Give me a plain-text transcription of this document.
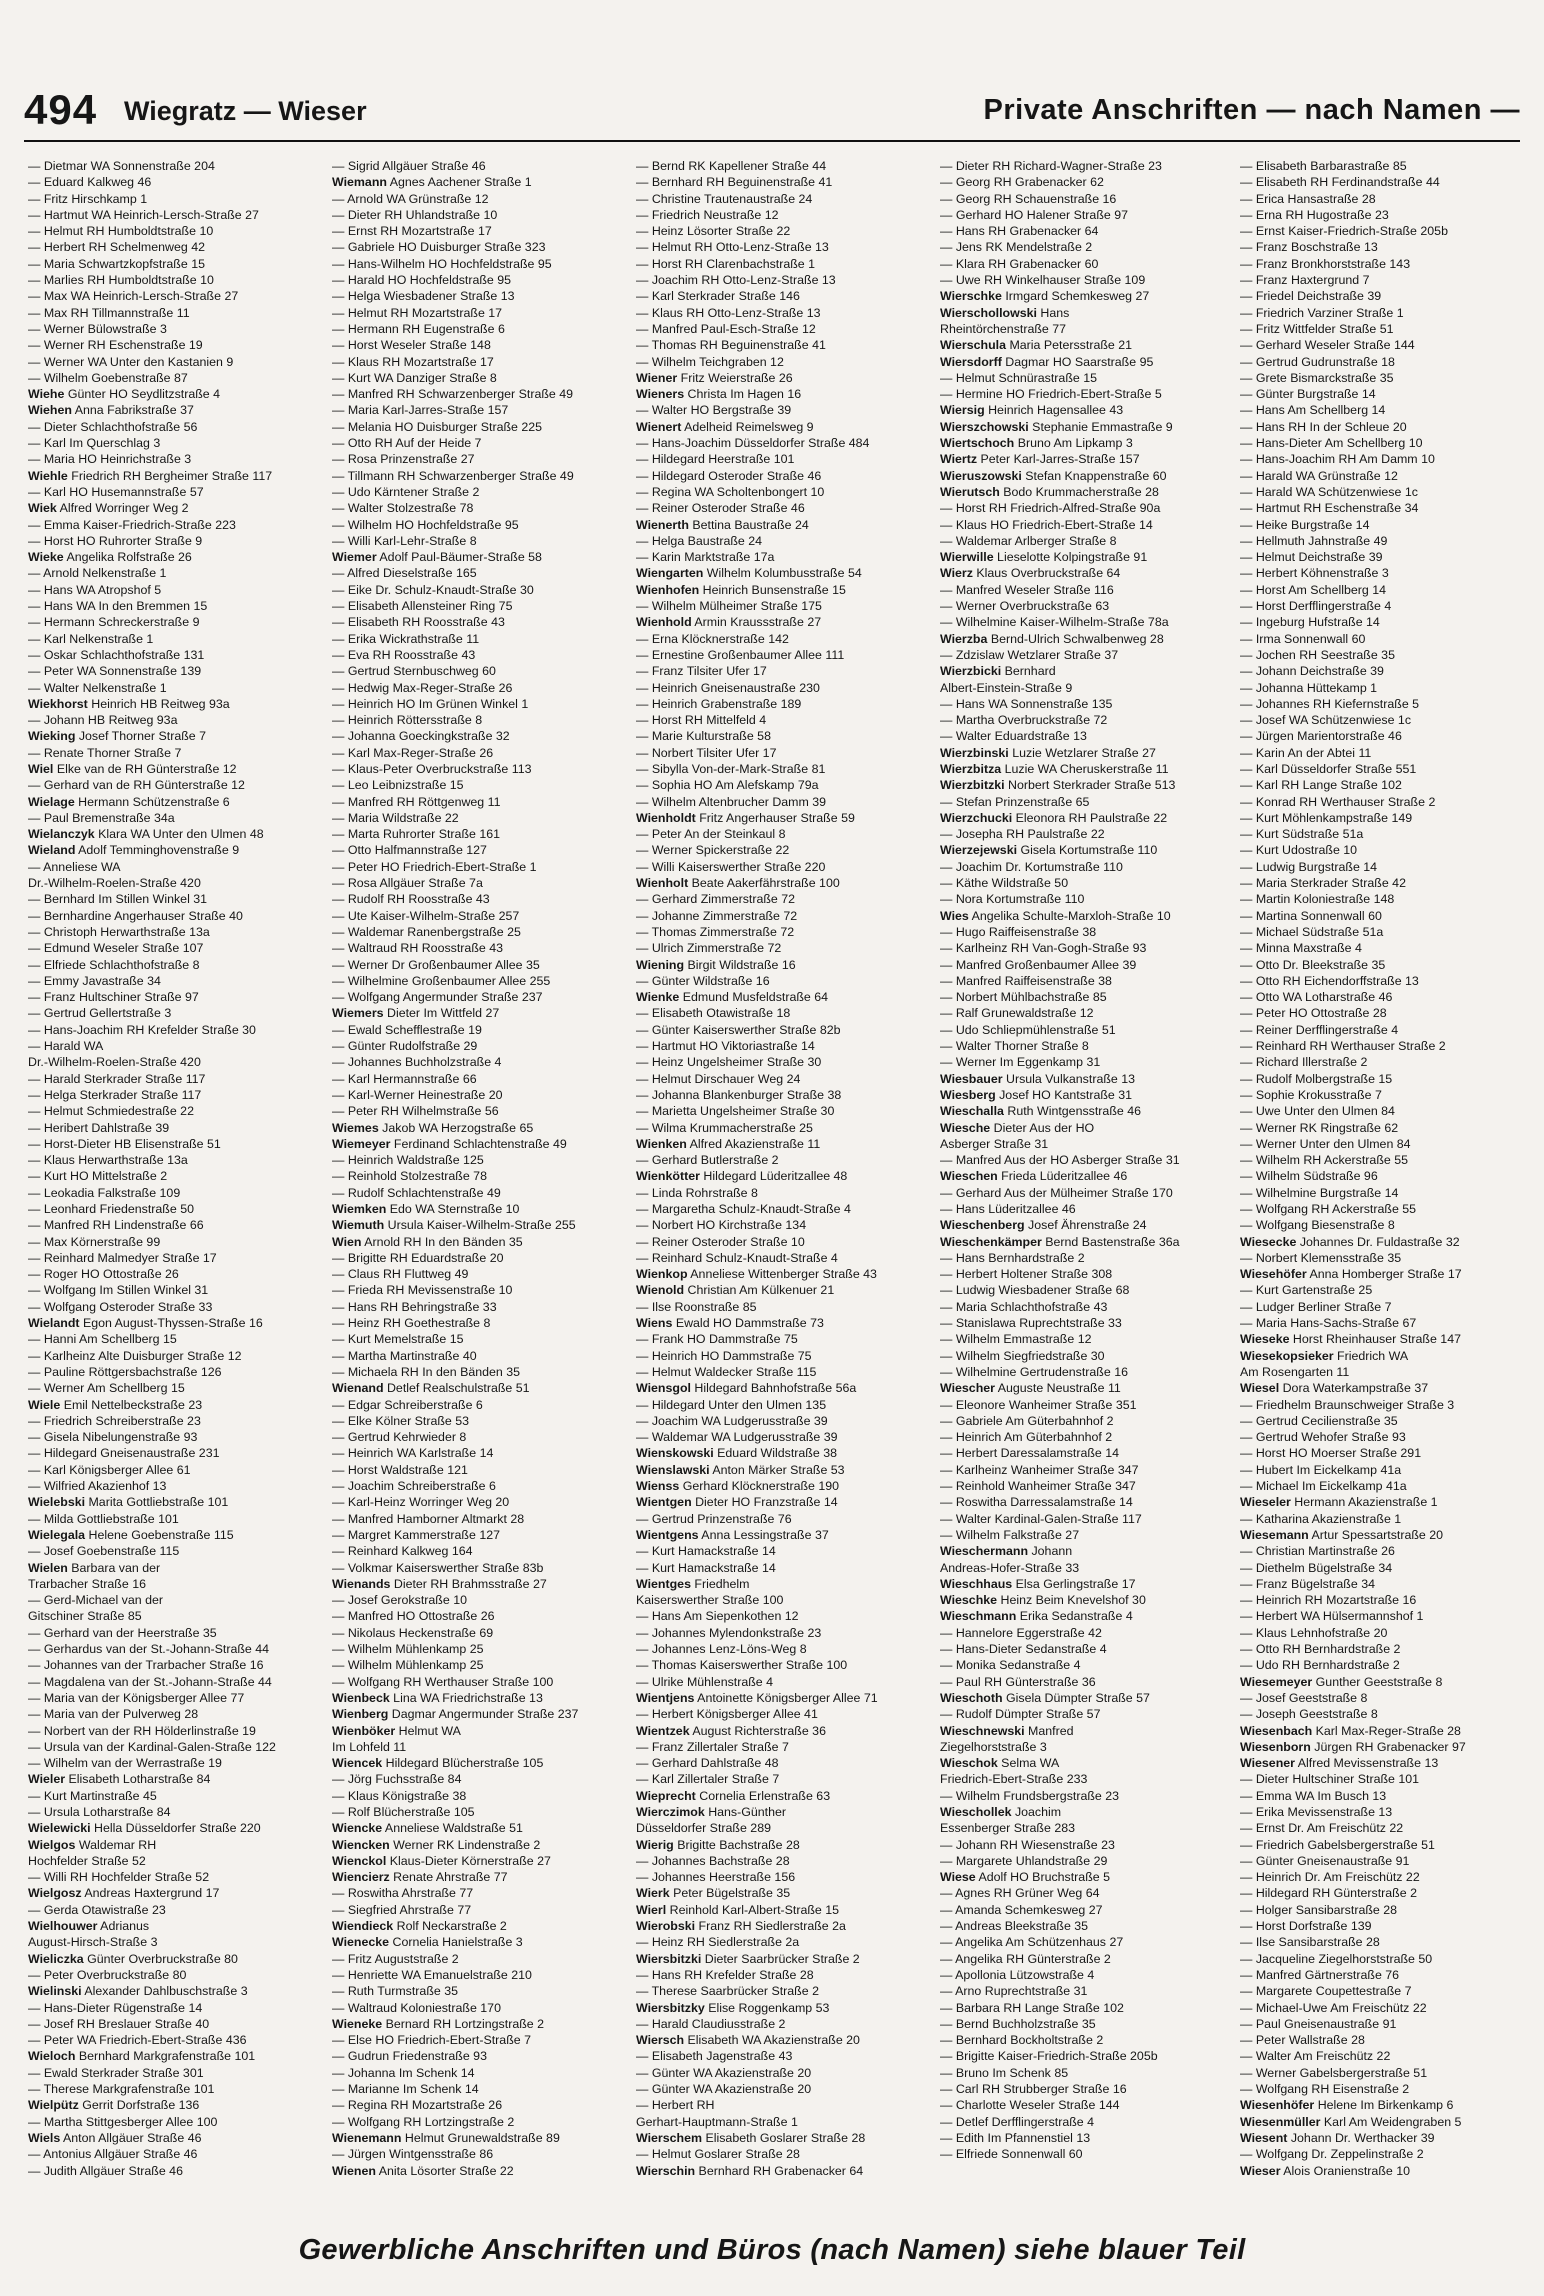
494 Wiegratz — Wieser	Private Anschriften — nach Namen —
— Dietmar WA Sonnenstraße 204
— Eduard Kalkweg 46
— Fritz Hirschkamp 1
— Hartmut WA Heinrich-Lersch-Straße 27
— Helmut RH Humboldtstraße 10
— Herbert RH Schelmenweg 42
— Maria Schwartzkopfstraße 15
— Marlies RH Humboldtstraße 10
— Max WA Heinrich-Lersch-Straße 27
— Max RH Tillmannstraße 11
— Werner Bülowstraße 3
— Werner RH Eschenstraße 19
— Werner WA Unter den Kastanien 9
— Wilhelm Goebenstraße 87
Wiehe Günter HO Seydlitzstraße 4
Wiehen Anna Fabrikstraße 37
— Dieter Schlachthofstraße 56
— Karl Im Querschlag 3
— Maria HO Heinrichstraße 3
Wiehle Friedrich RH Bergheimer Straße 117
— Karl HO Husemannstraße 57
Wiek Alfred Worringer Weg 2
— Emma Kaiser-Friedrich-Straße 223
— Horst HO Ruhrorter Straße 9
Wieke Angelika Rolfstraße 26
— Arnold Nelkenstraße 1
— Hans WA Atropshof 5
— Hans WA In den Bremmen 15
— Hermann Schreckerstraße 9
— Karl Nelkenstraße 1
— Oskar Schlachthofstraße 131
— Peter WA Sonnenstraße 139
— Walter Nelkenstraße 1
Wiekhorst Heinrich HB Reitweg 93a
— Johann HB Reitweg 93a
Wieking Josef Thorner Straße 7
— Renate Thorner Straße 7
Wiel Elke van de RH Günterstraße 12
— Gerhard van de RH Günterstraße 12
Wielage Hermann Schützenstraße 6
— Paul Bremenstraße 34a
Wielanczyk Klara WA Unter den Ulmen 48
Wieland Adolf Temminghovenstraße 9
— Anneliese WA
Dr.-Wilhelm-Roelen-Straße 420
— Bernhard Im Stillen Winkel 31
— Bernhardine Angerhauser Straße 40
— Christoph Herwarthstraße 13a
— Edmund Weseler Straße 107
— Elfriede Schlachthofstraße 8
— Emmy Javastraße 34
— Franz Hultschiner Straße 97
— Gertrud Gellertstraße 3
— Hans-Joachim RH Krefelder Straße 30
— Harald WA
Dr.-Wilhelm-Roelen-Straße 420
— Harald Sterkrader Straße 117
— Helga Sterkrader Straße 117
— Helmut Schmiedestraße 22
— Heribert Dahlstraße 39
— Horst-Dieter HB Elisenstraße 51
— Klaus Herwarthstraße 13a
— Kurt HO Mittelstraße 2
— Leokadia Falkstraße 109
— Leonhard Friedenstraße 50
— Manfred RH Lindenstraße 66
— Max Körnerstraße 99
— Reinhard Malmedyer Straße 17
— Roger HO Ottostraße 26
— Wolfgang Im Stillen Winkel 31
— Wolfgang Osteroder Straße 33
Wielandt Egon August-Thyssen-Straße 16
— Hanni Am Schellberg 15
— Karlheinz Alte Duisburger Straße 12
— Pauline Röttgersbachstraße 126
— Werner Am Schellberg 15
Wiele Emil Nettelbeckstraße 23
— Friedrich Schreiberstraße 23
— Gisela Nibelungenstraße 93
— Hildegard Gneisenaustraße 231
— Karl Königsberger Allee 61
— Wilfried Akazienhof 13
Wielebski Marita Gottliebstraße 101
— Milda Gottliebstraße 101
Wielegala Helene Goebenstraße 115
— Josef Goebenstraße 115
Wielen Barbara van der
Trarbacher Straße 16
— Gerd-Michael van der
Gitschiner Straße 85
— Gerhard van der Heerstraße 35
— Gerhardus van der St.-Johann-Straße 44
— Johannes van der Trarbacher Straße 16
— Magdalena van der St.-Johann-Straße 44
— Maria van der Königsberger Allee 77
— Maria van der Pulverweg 28
— Norbert van der RH Hölderlinstraße 19
— Ursula van der Kardinal-Galen-Straße 122
— Wilhelm van der Werrastraße 19
Wieler Elisabeth Lotharstraße 84
— Kurt Martinstraße 45
— Ursula Lotharstraße 84
Wielewicki Hella Düsseldorfer Straße 220
Wielgos Waldemar RH
Hochfelder Straße 52
— Willi RH Hochfelder Straße 52
Wielgosz Andreas Haxtergrund 17
— Gerda Otawistraße 23
Wielhouwer Adrianus
August-Hirsch-Straße 3
Wieliczka Günter Overbruckstraße 80
— Peter Overbruckstraße 80
Wielinski Alexander Dahlbuschstraße 3
— Hans-Dieter Rügenstraße 14
— Josef RH Breslauer Straße 40
— Peter WA Friedrich-Ebert-Straße 436
Wieloch Bernhard Markgrafenstraße 101
— Ewald Sterkrader Straße 301
— Therese Markgrafenstraße 101
Wielpütz Gerrit Dorfstraße 136
— Martha Stittgesberger Allee 100
Wiels Anton Allgäuer Straße 46
— Antonius Allgäuer Straße 46
— Judith Allgäuer Straße 46
— Sigrid Allgäuer Straße 46
Wiemann Agnes Aachener Straße 1
— Arnold WA Grünstraße 12
— Dieter RH Uhlandstraße 10
— Ernst RH Mozartstraße 17
— Gabriele HO Duisburger Straße 323
— Hans-Wilhelm HO Hochfeldstraße 95
— Harald HO Hochfeldstraße 95
— Helga Wiesbadener Straße 13
— Helmut RH Mozartstraße 17
— Hermann RH Eugenstraße 6
— Horst Weseler Straße 148
— Klaus RH Mozartstraße 17
— Kurt WA Danziger Straße 8
— Manfred RH Schwarzenberger Straße 49
— Maria Karl-Jarres-Straße 157
— Melania HO Duisburger Straße 225
— Otto RH Auf der Heide 7
— Rosa Prinzenstraße 27
— Tillmann RH Schwarzenberger Straße 49
— Udo Kärntener Straße 2
— Walter Stolzestraße 78
— Wilhelm HO Hochfeldstraße 95
— Willi Karl-Lehr-Straße 8
Wiemer Adolf Paul-Bäumer-Straße 58
— Alfred Dieselstraße 165
— Eike Dr. Schulz-Knaudt-Straße 30
— Elisabeth Allensteiner Ring 75
— Elisabeth RH Roosstraße 43
— Erika Wickrathstraße 11
— Eva RH Roosstraße 43
— Gertrud Sternbuschweg 60
— Hedwig Max-Reger-Straße 26
— Heinrich HO Im Grünen Winkel 1
— Heinrich Röttersstraße 8
— Johanna Goeckingkstraße 32
— Karl Max-Reger-Straße 26
— Klaus-Peter Overbruckstraße 113
— Leo Leibnizstraße 15
— Manfred RH Röttgenweg 11
— Maria Wildstraße 22
— Marta Ruhrorter Straße 161
— Otto Halfmannstraße 127
— Peter HO Friedrich-Ebert-Straße 1
— Rosa Allgäuer Straße 7a
— Rudolf RH Roosstraße 43
— Ute Kaiser-Wilhelm-Straße 257
— Waldemar Ranenbergstraße 25
— Waltraud RH Roosstraße 43
— Werner Dr Großenbaumer Allee 35
— Wilhelmine Großenbaumer Allee 255
— Wolfgang Angermunder Straße 237
Wiemers Dieter Im Wittfeld 27
— Ewald Schefflestraße 19
— Günter Rudolfstraße 29
— Johannes Buchholzstraße 4
— Karl Hermannstraße 66
— Karl-Werner Heinestraße 20
— Peter RH Wilhelmstraße 56
Wiemes Jakob WA Herzogstraße 65
Wiemeyer Ferdinand Schlachtenstraße 49
— Heinrich Waldstraße 125
— Reinhold Stolzestraße 78
— Rudolf Schlachtenstraße 49
Wiemken Edo WA Sternstraße 10
Wiemuth Ursula Kaiser-Wilhelm-Straße 255
Wien Arnold RH In den Bänden 35
— Brigitte RH Eduardstraße 20
— Claus RH Fluttweg 49
— Frieda RH Mevissenstraße 10
— Hans RH Behringstraße 33
— Heinz RH Goethestraße 8
— Kurt Memelstraße 15
— Martha Martinstraße 40
— Michaela RH In den Bänden 35
Wienand Detlef Realschulstraße 51
— Edgar Schreiberstraße 6
— Elke Kölner Straße 53
— Gertrud Kehrwieder 8
— Heinrich WA Karlstraße 14
— Horst Waldstraße 121
— Joachim Schreiberstraße 6
— Karl-Heinz Worringer Weg 20
— Manfred Hamborner Altmarkt 28
— Margret Kammerstraße 127
— Reinhard Kalkweg 164
— Volkmar Kaiserswerther Straße 83b
Wienands Dieter RH Brahmsstraße 27
— Josef Gerokstraße 10
— Manfred HO Ottostraße 26
— Nikolaus Heckenstraße 69
— Wilhelm Mühlenkamp 25
— Wilhelm Mühlenkamp 25
— Wolfgang RH Werthauser Straße 100
Wienbeck Lina WA Friedrichstraße 13
Wienberg Dagmar Angermunder Straße 237
Wienböker Helmut WA
Im Lohfeld 11
Wiencek Hildegard Blücherstraße 105
— Jörg Fuchsstraße 84
— Klaus Königstraße 38
— Rolf Blücherstraße 105
Wiencke Anneliese Waldstraße 51
Wiencken Werner RK Lindenstraße 2
Wienckol Klaus-Dieter Körnerstraße 27
Wiencierz Renate Ahrstraße 77
— Roswitha Ahrstraße 77
— Siegfried Ahrstraße 77
Wiendieck Rolf Neckarstraße 2
Wienecke Cornelia Hanielstraße 3
— Fritz Auguststraße 2
— Henriette WA Emanuelstraße 210
— Ruth Turmstraße 35
— Waltraud Koloniestraße 170
Wieneke Bernard RH Lortzingstraße 2
— Else HO Friedrich-Ebert-Straße 7
— Gudrun Friedenstraße 93
— Johanna Im Schenk 14
— Marianne Im Schenk 14
— Regina RH Mozartstraße 26
— Wolfgang RH Lortzingstraße 2
Wienemann Helmut Grunewaldstraße 89
— Jürgen Wintgensstraße 86
Wienen Anita Lösorter Straße 22
— Bernd RK Kapellener Straße 44
— Bernhard RH Beguinenstraße 41
— Christine Trautenaustraße 24
— Friedrich Neustraße 12
— Heinz Lösorter Straße 22
— Helmut RH Otto-Lenz-Straße 13
— Horst RH Clarenbachstraße 1
— Joachim RH Otto-Lenz-Straße 13
— Karl Sterkrader Straße 146
— Klaus RH Otto-Lenz-Straße 13
— Manfred Paul-Esch-Straße 12
— Thomas RH Beguinenstraße 41
— Wilhelm Teichgraben 12
Wiener Fritz Weierstraße 26
Wieners Christa Im Hagen 16
— Walter HO Bergstraße 39
Wienert Adelheid Reimelsweg 9
— Hans-Joachim Düsseldorfer Straße 484
— Hildegard Heerstraße 101
— Hildegard Osteroder Straße 46
— Regina WA Scholtenbongert 10
— Reiner Osteroder Straße 46
Wienerth Bettina Baustraße 24
— Helga Baustraße 24
— Karin Marktstraße 17a
Wiengarten Wilhelm Kolumbusstraße 54
Wienhofen Heinrich Bunsenstraße 15
— Wilhelm Mülheimer Straße 175
Wienhold Armin Kraussstraße 27
— Erna Klöcknerstraße 142
— Ernestine Großenbaumer Allee 111
— Franz Tilsiter Ufer 17
— Heinrich Gneisenaustraße 230
— Heinrich Grabenstraße 189
— Horst RH Mittelfeld 4
— Marie Kulturstraße 58
— Norbert Tilsiter Ufer 17
— Sibylla Von-der-Mark-Straße 81
— Sophia HO Am Alefskamp 79a
— Wilhelm Altenbrucher Damm 39
Wienholdt Fritz Angerhauser Straße 59
— Peter An der Steinkaul 8
— Werner Spickerstraße 22
— Willi Kaiserswerther Straße 220
Wienholt Beate Aakerfährstraße 100
— Gerhard Zimmerstraße 72
— Johanne Zimmerstraße 72
— Thomas Zimmerstraße 72
— Ulrich Zimmerstraße 72
Wiening Birgit Wildstraße 16
— Günter Wildstraße 16
Wienke Edmund Musfeldstraße 64
— Elisabeth Otawistraße 18
— Günter Kaiserswerther Straße 82b
— Hartmut HO Viktoriastraße 14
— Heinz Ungelsheimer Straße 30
— Helmut Dirschauer Weg 24
— Johanna Blankenburger Straße 38
— Marietta Ungelsheimer Straße 30
— Wilma Krummacherstraße 25
Wienken Alfred Akazienstraße 11
— Gerhard Butlerstraße 2
Wienkötter Hildegard Lüderitzallee 48
— Linda Rohrstraße 8
— Margaretha Schulz-Knaudt-Straße 4
— Norbert HO Kirchstraße 134
— Reiner Osteroder Straße 10
— Reinhard Schulz-Knaudt-Straße 4
Wienkop Anneliese Wittenberger Straße 43
Wienold Christian Am Külkenuer 21
— Ilse Roonstraße 85
Wiens Ewald HO Dammstraße 73
— Frank HO Dammstraße 75
— Heinrich HO Dammstraße 75
— Helmut Waldecker Straße 115
Wiensgol Hildegard Bahnhofstraße 56a
— Hildegard Unter den Ulmen 135
— Joachim WA Ludgerusstraße 39
— Waldemar WA Ludgerusstraße 39
Wienskowski Eduard Wildstraße 38
Wienslawski Anton Märker Straße 53
Wienss Gerhard Klöcknerstraße 190
Wientgen Dieter HO Franzstraße 14
— Gertrud Prinzenstraße 76
Wientgens Anna Lessingstraße 37
— Kurt Hamackstraße 14
— Kurt Hamackstraße 14
Wientges Friedhelm
Kaiserswerther Straße 100
— Hans Am Siepenkothen 12
— Johannes Mylendonkstraße 23
— Johannes Lenz-Löns-Weg 8
— Thomas Kaiserswerther Straße 100
— Ulrike Mühlenstraße 4
Wientjens Antoinette Königsberger Allee 71
— Herbert Königsberger Allee 41
Wientzek August Richterstraße 36
— Franz Zillertaler Straße 7
— Gerhard Dahlstraße 48
— Karl Zillertaler Straße 7
Wieprecht Cornelia Erlenstraße 63
Wierczimok Hans-Günther
Düsseldorfer Straße 289
Wierig Brigitte Bachstraße 28
— Johannes Bachstraße 28
— Johannes Heerstraße 156
Wierk Peter Bügelstraße 35
Wierl Reinhold Karl-Albert-Straße 15
Wierobski Franz RH Siedlerstraße 2a
— Heinz RH Siedlerstraße 2a
Wiersbitzki Dieter Saarbrücker Straße 2
— Hans RH Krefelder Straße 28
— Therese Saarbrücker Straße 2
Wiersbitzky Elise Roggenkamp 53
— Harald Claudiusstraße 2
Wiersch Elisabeth WA Akazienstraße 20
— Elisabeth Jagenstraße 43
— Günter WA Akazienstraße 20
— Günter WA Akazienstraße 20
— Herbert RH
Gerhart-Hauptmann-Straße 1
Wierschem Elisabeth Goslarer Straße 28
— Helmut Goslarer Straße 28
Wierschin Bernhard RH Grabenacker 64
— Dieter RH Richard-Wagner-Straße 23
— Georg RH Grabenacker 62
— Georg RH Schauenstraße 16
— Gerhard HO Halener Straße 97
— Hans RH Grabenacker 64
— Jens RK Mendelstraße 2
— Klara RH Grabenacker 60
— Uwe RH Winkelhauser Straße 109
Wierschke Irmgard Schemkesweg 27
Wierschollowski Hans
Rheintörchenstraße 77
Wierschula Maria Petersstraße 21
Wiersdorff Dagmar HO Saarstraße 95
— Helmut Schnürastraße 15
— Hermine HO Friedrich-Ebert-Straße 5
Wiersig Heinrich Hagensallee 43
Wierszchowski Stephanie Emmastraße 9
Wiertschoch Bruno Am Lipkamp 3
Wiertz Peter Karl-Jarres-Straße 157
Wieruszowski Stefan Knappenstraße 60
Wierutsch Bodo Krummacherstraße 28
— Horst RH Friedrich-Alfred-Straße 90a
— Klaus HO Friedrich-Ebert-Straße 14
— Waldemar Arlberger Straße 8
Wierwille Lieselotte Kolpingstraße 91
Wierz Klaus Overbruckstraße 64
— Manfred Weseler Straße 116
— Werner Overbruckstraße 63
— Wilhelmine Kaiser-Wilhelm-Straße 78a
Wierzba Bernd-Ulrich Schwalbenweg 28
— Zdzislaw Wetzlarer Straße 37
Wierzbicki Bernhard
Albert-Einstein-Straße 9
— Hans WA Sonnenstraße 135
— Martha Overbruckstraße 72
— Walter Eduardstraße 13
Wierzbinski Luzie Wetzlarer Straße 27
Wierzbitza Luzie WA Cheruskerstraße 11
Wierzbitzki Norbert Sterkrader Straße 513
— Stefan Prinzenstraße 65
Wierzchucki Eleonora RH Paulstraße 22
— Josepha RH Paulstraße 22
Wierzejewski Gisela Kortumstraße 110
— Joachim Dr. Kortumstraße 110
— Käthe Wildstraße 50
— Nora Kortumstraße 110
Wies Angelika Schulte-Marxloh-Straße 10
— Hugo Raiffeisenstraße 38
— Karlheinz RH Van-Gogh-Straße 93
— Manfred Großenbaumer Allee 39
— Manfred Raiffeisenstraße 38
— Norbert Mühlbachstraße 85
— Ralf Grunewaldstraße 12
— Udo Schliepmühlenstraße 51
— Walter Thorner Straße 8
— Werner Im Eggenkamp 31
Wiesbauer Ursula Vulkanstraße 13
Wiesberg Josef HO Kantstraße 31
Wieschalla Ruth Wintgensstraße 46
Wiesche Dieter Aus der HO
Asberger Straße 31
— Manfred Aus der HO Asberger Straße 31
Wieschen Frieda Lüderitzallee 46
— Gerhard Aus der Mülheimer Straße 170
— Hans Lüderitzallee 46
Wieschenberg Josef Ährenstraße 24
Wieschenkämper Bernd Bastenstraße 36a
— Hans Bernhardstraße 2
— Herbert Holtener Straße 308
— Ludwig Wiesbadener Straße 68
— Maria Schlachthofstraße 43
— Stanislawa Ruprechtstraße 33
— Wilhelm Emmastraße 12
— Wilhelm Siegfriedstraße 30
— Wilhelmine Gertrudenstraße 16
Wiescher Auguste Neustraße 11
— Eleonore Wanheimer Straße 351
— Gabriele Am Güterbahnhof 2
— Heinrich Am Güterbahnhof 2
— Herbert Daressalamstraße 14
— Karlheinz Wanheimer Straße 347
— Reinhold Wanheimer Straße 347
— Roswitha Darressalamstraße 14
— Walter Kardinal-Galen-Straße 117
— Wilhelm Falkstraße 27
Wieschermann Johann
Andreas-Hofer-Straße 33
Wieschhaus Elsa Gerlingstraße 17
Wieschke Heinz Beim Knevelshof 30
Wieschmann Erika Sedanstraße 4
— Hannelore Eggerstraße 42
— Hans-Dieter Sedanstraße 4
— Monika Sedanstraße 4
— Paul RH Günterstraße 36
Wieschoth Gisela Dümpter Straße 57
— Rudolf Dümpter Straße 57
Wieschnewski Manfred
Ziegelhorststraße 3
Wieschok Selma WA
Friedrich-Ebert-Straße 233
— Wilhelm Frundsbergstraße 23
Wieschollek Joachim
Essenberger Straße 283
— Johann RH Wiesenstraße 23
— Margarete Uhlandstraße 29
Wiese Adolf HO Bruchstraße 5
— Agnes RH Grüner Weg 64
— Amanda Schemkesweg 27
— Andreas Bleekstraße 35
— Angelika Am Schützenhaus 27
— Angelika RH Günterstraße 2
— Apollonia Lützowstraße 4
— Arno Ruprechtstraße 31
— Barbara RH Lange Straße 102
— Bernd Buchholzstraße 35
— Bernhard Bockholtstraße 2
— Brigitte Kaiser-Friedrich-Straße 205b
— Bruno Im Schenk 85
— Carl RH Strubberger Straße 16
— Charlotte Weseler Straße 144
— Detlef Derfflingerstraße 4
— Edith Im Pfannenstiel 13
— Elfriede Sonnenwall 60
— Elisabeth Barbarastraße 85
— Elisabeth RH Ferdinandstraße 44
— Erica Hansastraße 28
— Erna RH Hugostraße 23
— Ernst Kaiser-Friedrich-Straße 205b
— Franz Boschstraße 13
— Franz Bronkhorststraße 143
— Franz Haxtergrund 7
— Friedel Deichstraße 39
— Friedrich Varziner Straße 1
— Fritz Wittfelder Straße 51
— Gerhard Weseler Straße 144
— Gertrud Gudrunstraße 18
— Grete Bismarckstraße 35
— Günter Burgstraße 14
— Hans Am Schellberg 14
— Hans RH In der Schleue 20
— Hans-Dieter Am Schellberg 10
— Hans-Joachim RH Am Damm 10
— Harald WA Grünstraße 12
— Harald WA Schützenwiese 1c
— Hartmut RH Eschenstraße 34
— Heike Burgstraße 14
— Hellmuth Jahnstraße 49
— Helmut Deichstraße 39
— Herbert Köhnenstraße 3
— Horst Am Schellberg 14
— Horst Derfflingerstraße 4
— Ingeburg Hufstraße 14
— Irma Sonnenwall 60
— Jochen RH Seestraße 35
— Johann Deichstraße 39
— Johanna Hüttekamp 1
— Johannes RH Kiefernstraße 5
— Josef WA Schützenwiese 1c
— Jürgen Marientorstraße 46
— Karin An der Abtei 11
— Karl Düsseldorfer Straße 551
— Karl RH Lange Straße 102
— Konrad RH Werthauser Straße 2
— Kurt Möhlenkampstraße 149
— Kurt Südstraße 51a
— Kurt Udostraße 10
— Ludwig Burgstraße 14
— Maria Sterkrader Straße 42
— Martin Koloniestraße 148
— Martina Sonnenwall 60
— Michael Südstraße 51a
— Minna Maxstraße 4
— Otto Dr. Bleekstraße 35
— Otto RH Eichendorffstraße 13
— Otto WA Lotharstraße 46
— Peter HO Ottostraße 28
— Reiner Derfflingerstraße 4
— Reinhard RH Werthauser Straße 2
— Richard Illerstraße 2
— Rudolf Molbergstraße 15
— Sophie Krokusstraße 7
— Uwe Unter den Ulmen 84
— Werner RK Ringstraße 62
— Werner Unter den Ulmen 84
— Wilhelm RH Ackerstraße 55
— Wilhelm Südstraße 96
— Wilhelmine Burgstraße 14
— Wolfgang RH Ackerstraße 55
— Wolfgang Biesenstraße 8
Wiesecke Johannes Dr. Fuldastraße 32
— Norbert Klemensstraße 35
Wiesehöfer Anna Homberger Straße 17
— Kurt Gartenstraße 25
— Ludger Berliner Straße 7
— Maria Hans-Sachs-Straße 67
Wieseke Horst Rheinhauser Straße 147
Wiesekopsieker Friedrich WA
Am Rosengarten 11
Wiesel Dora Waterkampstraße 37
— Friedhelm Braunschweiger Straße 3
— Gertrud Cecilienstraße 35
— Gertrud Wehofer Straße 93
— Horst HO Moerser Straße 291
— Hubert Im Eickelkamp 41a
— Michael Im Eickelkamp 41a
Wieseler Hermann Akazienstraße 1
— Katharina Akazienstraße 1
Wiesemann Artur Spessartstraße 20
— Christian Martinstraße 26
— Diethelm Bügelstraße 34
— Franz Bügelstraße 34
— Heinrich RH Mozartstraße 16
— Herbert WA Hülsermannshof 1
— Klaus Lehnhofstraße 20
— Otto RH Bernhardstraße 2
— Udo RH Bernhardstraße 2
Wiesemeyer Gunther Geeststraße 8
— Josef Geeststraße 8
— Joseph Geeststraße 8
Wiesenbach Karl Max-Reger-Straße 28
Wiesenborn Jürgen RH Grabenacker 97
Wiesener Alfred Mevissenstraße 13
— Dieter Hultschiner Straße 101
— Emma WA Im Busch 13
— Erika Mevissenstraße 13
— Ernst Dr. Am Freischütz 22
— Friedrich Gabelsbergerstraße 51
— Günter Gneisenaustraße 91
— Heinrich Dr. Am Freischütz 22
— Hildegard RH Günterstraße 2
— Holger Sansibarstraße 28
— Horst Dorfstraße 139
— Ilse Sansibarstraße 28
— Jacqueline Ziegelhorststraße 50
— Manfred Gärtnerstraße 76
— Margarete Coupettestraße 7
— Michael-Uwe Am Freischütz 22
— Paul Gneisenaustraße 91
— Peter Wallstraße 28
— Walter Am Freischütz 22
— Werner Gabelsbergerstraße 51
— Wolfgang RH Eisenstraße 2
Wiesenhöfer Helene Im Birkenkamp 6
Wiesenmüller Karl Am Weidengraben 5
Wiesent Johann Dr. Werthacker 39
— Wolfgang Dr. Zeppelinstraße 2
Wieser Alois Oranienstraße 10
Gewerbliche Anschriften und Büros (nach Namen) siehe blauer Teil
